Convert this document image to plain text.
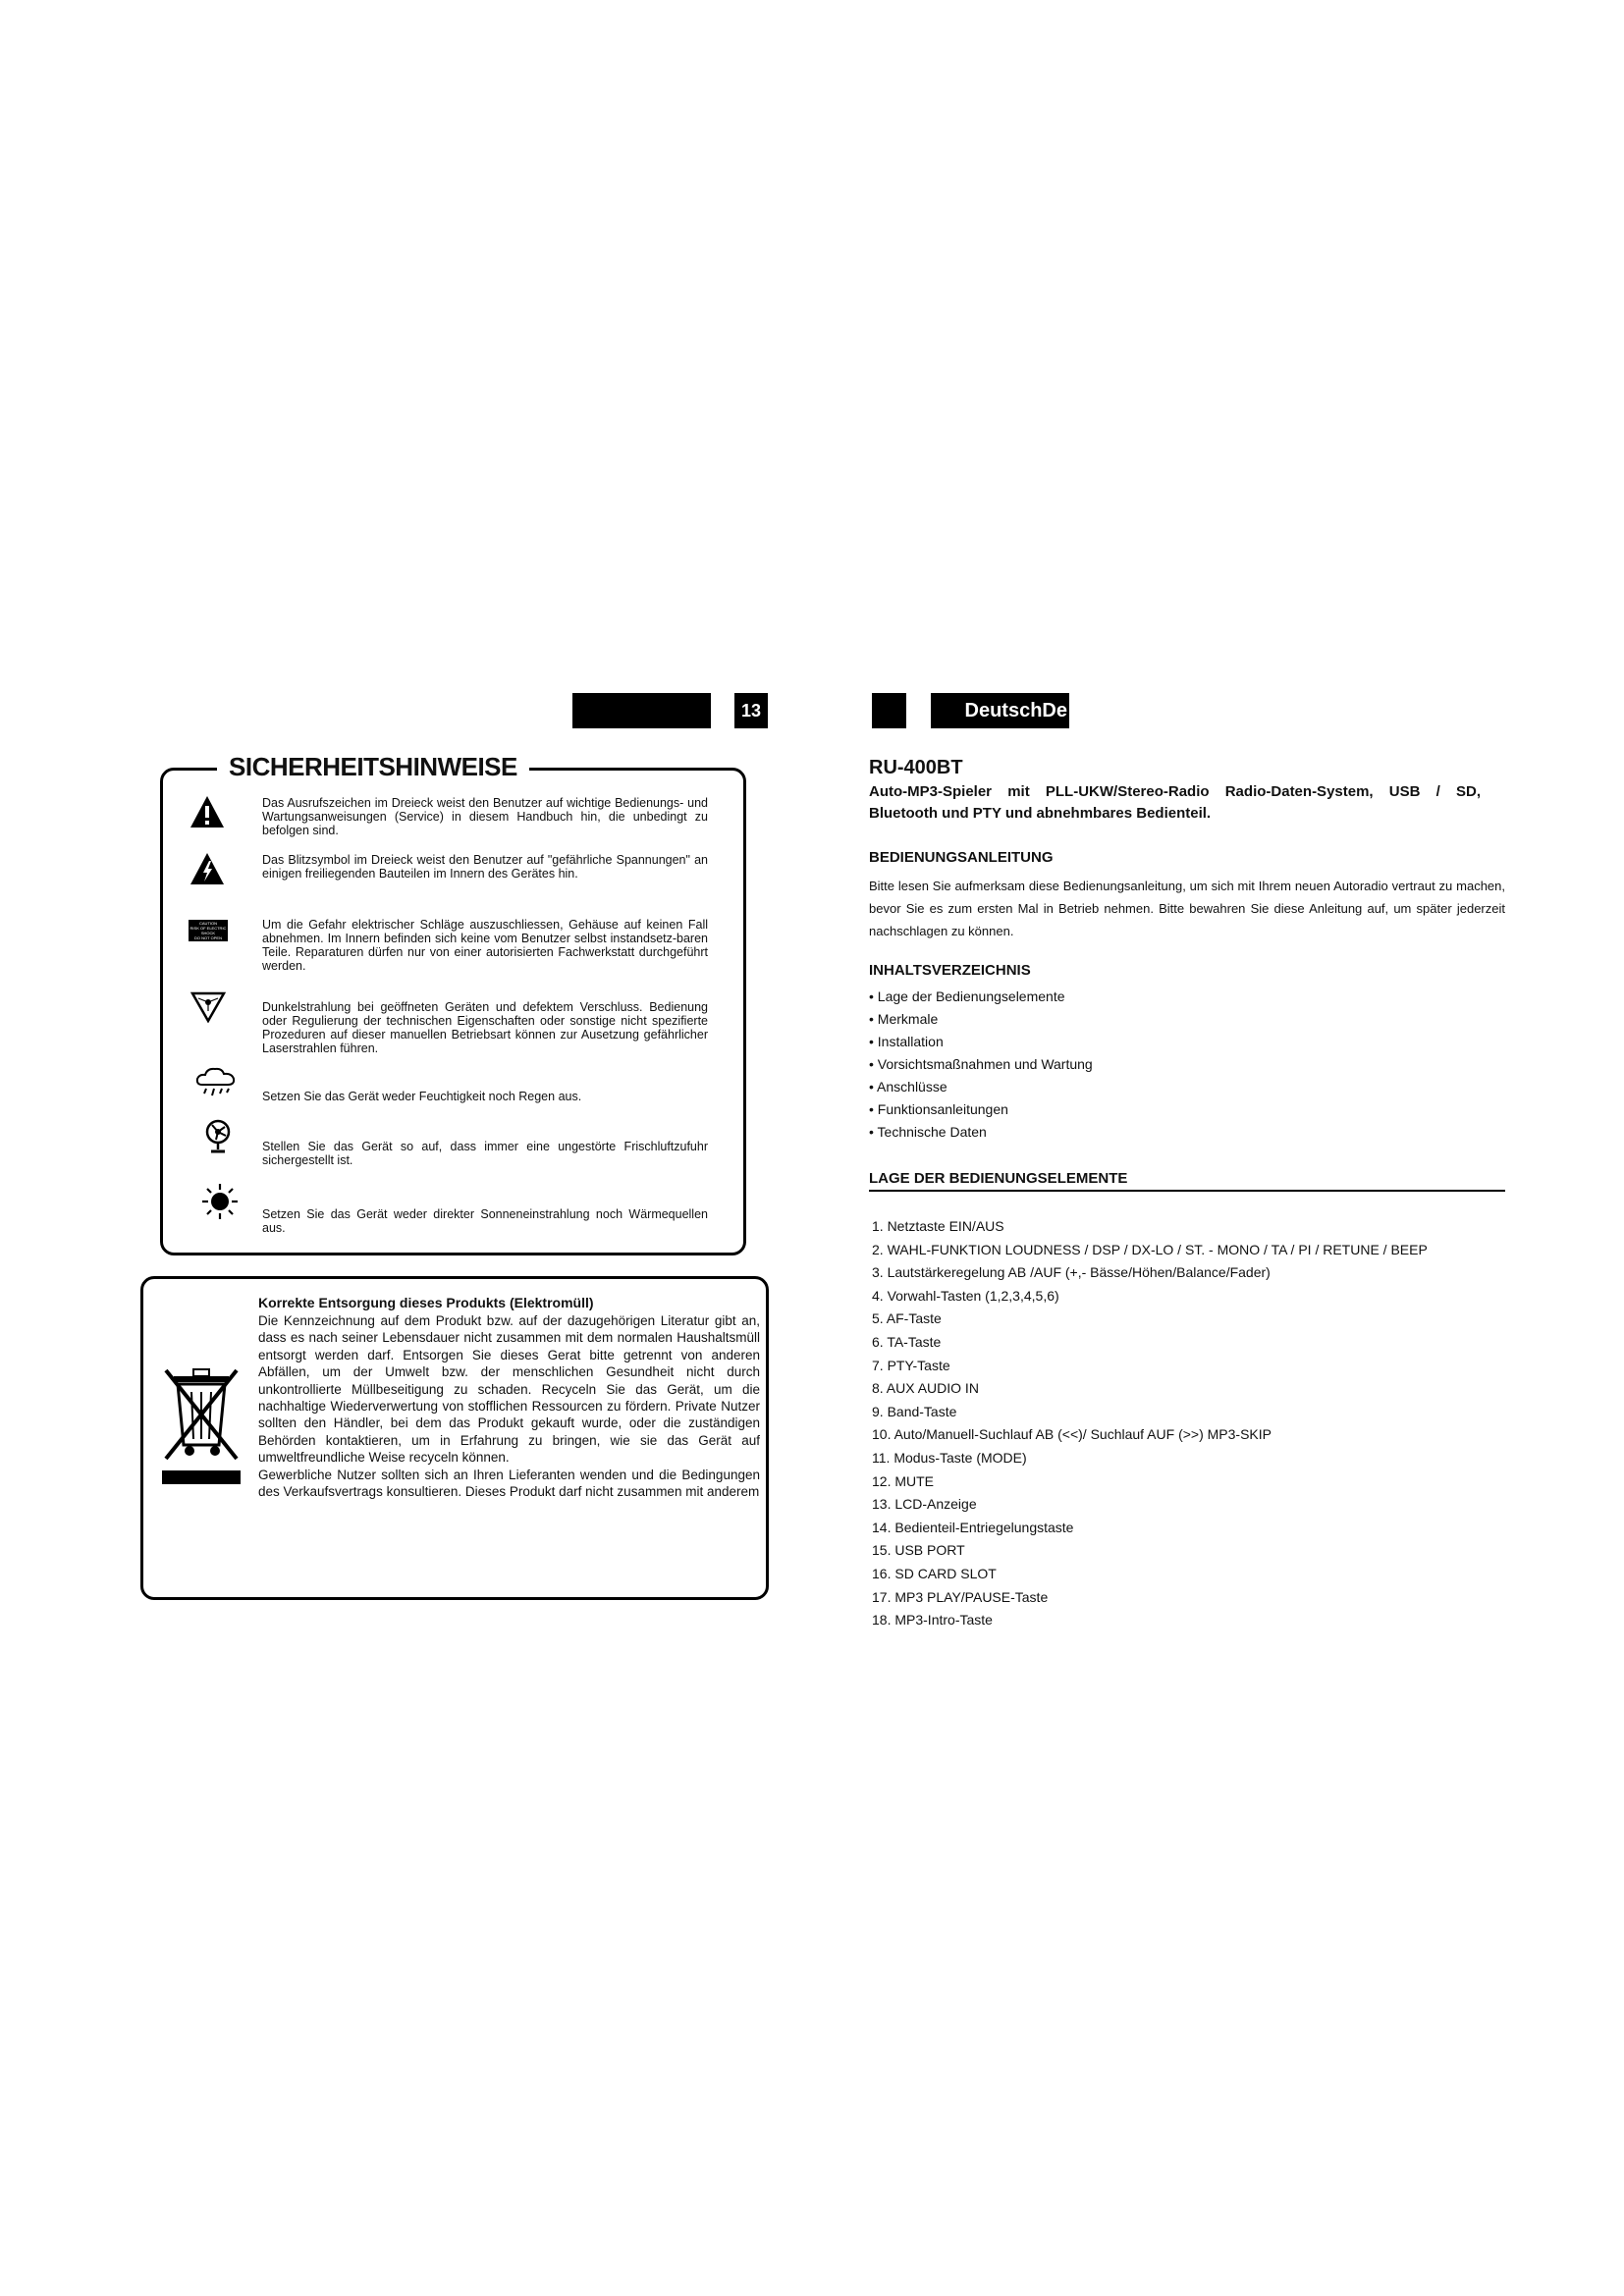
13	DeutschDe
SICHERHEITSHINWEISE
Das Ausrufszeichen im Dreieck weist den Benutzer auf wichtige Bedienungs- und Wartungsanweisungen (Service) in diesem Handbuch hin, die unbedingt zu befolgen sind.
Das Blitzsymbol im Dreieck weist den Benutzer auf "gefährliche Spannungen" an einigen freiliegenden Bauteilen im Innern des Gerätes hin.
CAUTION
RISK OF ELECTRIC
SHOCK
DO NOT OPEN
Um die Gefahr elektrischer Schläge auszuschliessen, Gehäuse auf keinen Fall abnehmen. Im Innern befinden sich keine vom Benutzer selbst instandsetz-baren Teile. Reparaturen dürfen nur von einer autorisierten Fachwerkstatt durchgeführt werden.
Dunkelstrahlung bei geöffneten Geräten und defektem Verschluss. Bedienung oder Regulierung der technischen Eigenschaften oder sonstige nicht spezifierte Prozeduren auf dieser manuellen Betriebsart können zur Ausetzung gefährlicher Laserstrahlen führen.
Setzen Sie das Gerät weder Feuchtigkeit noch Regen aus.
Stellen Sie das Gerät so auf, dass immer eine ungestörte Frischluftzufuhr sichergestellt ist.
Setzen Sie das Gerät weder direkter Sonneneinstrahlung noch Wärmequellen aus.
Korrekte Entsorgung dieses Produkts (Elektromüll)

Die Kennzeichnung auf dem Produkt bzw. auf der dazugehörigen Literatur gibt an, dass es nach seiner Lebensdauer nicht zusammen mit dem normalen Haushaltsmüll entsorgt werden darf. Entsorgen Sie dieses Gerat bitte getrennt von anderen Abfällen, um der Umwelt bzw. der menschlichen Gesundheit nicht durch unkontrollierte Müllbeseitigung zu schaden. Recyceln Sie das Gerät, um die nachhaltige Wiederverwertung von stofflichen Ressourcen zu fördern. Private Nutzer sollten den Händler, bei dem das Produkt gekauft wurde, oder die zuständigen Behörden kontaktieren, um in Erfahrung zu bringen, wie sie das Gerät auf umweltfreundliche Weise recyceln können.

Gewerbliche Nutzer sollten sich an Ihren Lieferanten wenden und die Bedingungen des Verkaufsvertrags konsultieren. Dieses Produkt darf nicht zusammen mit anderem

RU-400BT
Auto-MP3-Spieler mit PLL-UKW/Stereo-Radio Radio-Daten-System, USB / SD, Bluetooth und PTY und abnehmbares Bedienteil.
BEDIENUNGSANLEITUNG
Bitte lesen Sie aufmerksam diese Bedienungsanleitung, um sich mit Ihrem neuen Autoradio vertraut zu machen, bevor Sie es zum ersten Mal in Betrieb nehmen. Bitte bewahren Sie diese Anleitung auf, um später jederzeit nachschlagen zu können.
INHALTSVERZEICHNIS
• Lage der Bedienungselemente
• Merkmale
• Installation
• Vorsichtsmaßnahmen und Wartung
• Anschlüsse
• Funktionsanleitungen
• Technische Daten
LAGE DER BEDIENUNGSELEMENTE
1. Netztaste EIN/AUS
2. WAHL-FUNKTION LOUDNESS / DSP / DX-LO / ST. - MONO / TA / PI / RETUNE / BEEP
3. Lautstärkeregelung AB /AUF (+,- Bässe/Höhen/Balance/Fader)
4. Vorwahl-Tasten (1,2,3,4,5,6)
5. AF-Taste
6. TA-Taste
7. PTY-Taste
8. AUX AUDIO IN
9. Band-Taste
10. Auto/Manuell-Suchlauf AB (<<)/ Suchlauf AUF (>>) MP3-SKIP
11. Modus-Taste (MODE)
12. MUTE
13. LCD-Anzeige
14. Bedienteil-Entriegelungstaste
15. USB PORT
16. SD CARD SLOT
17. MP3 PLAY/PAUSE-Taste
18. MP3-Intro-Taste
